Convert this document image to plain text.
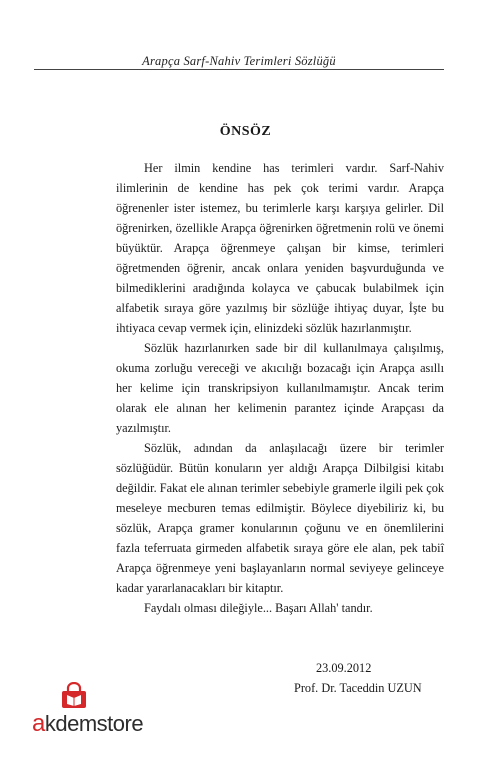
Arapça Sarf-Nahiv Terimleri Sözlüğü
ÖNSÖZ

Her ilmin kendine has terimleri vardır. Sarf-Nahiv ilimlerinin de kendine has pek çok terimi vardır. Arapça öğrenenler ister istemez, bu terimlerle karşı karşıya gelirler. Dil öğrenirken, özellikle Arapça öğrenirken öğretmenin rolü ve önemi büyüktür. Arapça öğrenmeye çalışan bir kimse, terimleri öğretmenden öğrenir, ancak onlara yeniden başvurduğunda ve bilmediklerini aradığında kolayca ve çabucak bulabilmek için alfabetik sıraya göre yazılmış bir sözlüğe ihtiyaç duyar, İşte bu ihtiyaca cevap vermek için, elinizdeki sözlük hazırlanmıştır.

Sözlük hazırlanırken sade bir dil kullanılmaya çalışılmış, okuma zorluğu vereceği ve akıcılığı bozacağı için Arapça asıllı her kelime için transkripsiyon kullanılmamıştır. Ancak terim olarak ele alınan her kelimenin parantez içinde Arapçası da yazılmıştır.

Sözlük, adından da anlaşılacağı üzere bir terimler sözlüğüdür. Bütün konuların yer aldığı Arapça Dilbilgisi kitabı değildir. Fakat ele alınan terimler sebebiyle gramerle ilgili pek çok meseleye mecburen temas edilmiştir. Böylece diyebiliriz ki, bu sözlük, Arapça gramer konularının çoğunu ve en önemlilerini fazla teferruata girmeden alfabetik sıraya göre ele alan, pek tabiî Arapça öğrenmeye yeni başlayanların normal seviyeye gelinceye kadar yararlanacakları bir kitaptır.

Faydalı olması dileğiyle... Başarı Allah' tandır.

23.09.2012
Prof. Dr. Taceddin UZUN
akdemstore
